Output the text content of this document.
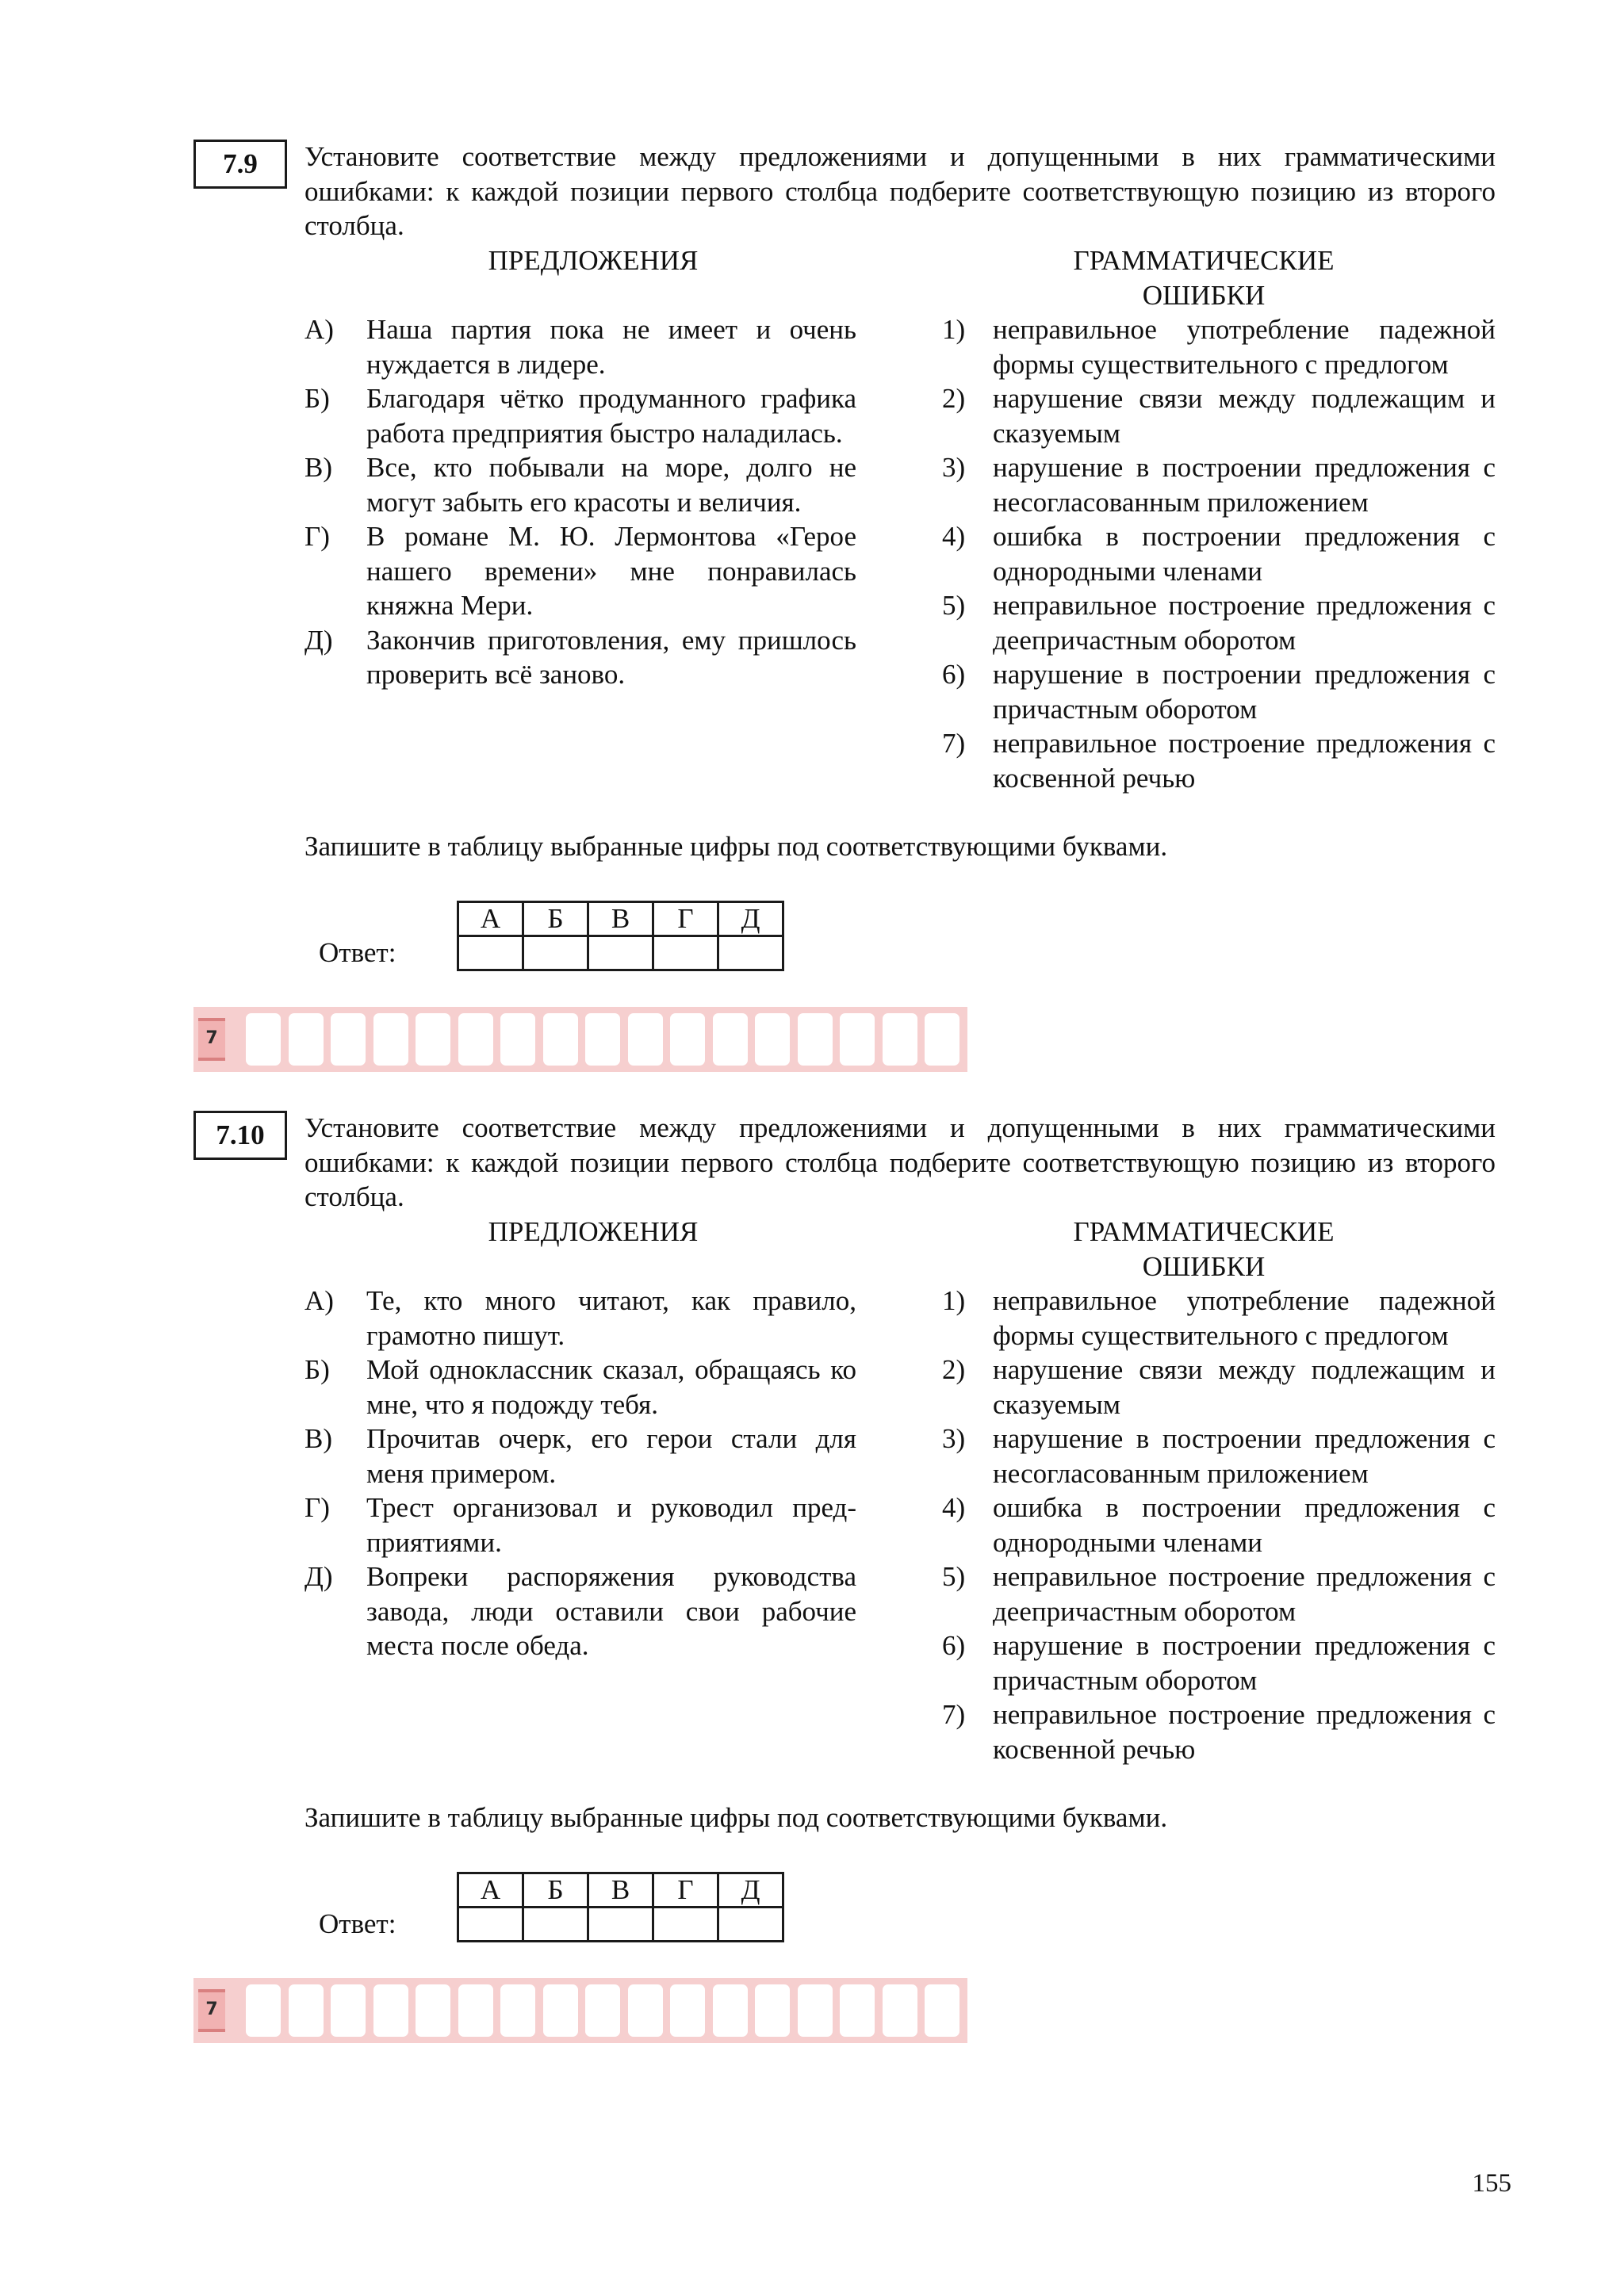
7.9	Установите соответствие между предложениями и допущенными в них грамматическими ошибками: к каждой позиции первого столбца подберите соответствующую позицию из второго столбца.
ПРЕДЛОЖЕНИЯ	ГРАММАТИЧЕСКИЕ ОШИБКИ
А) Наша партия пока не имеет и очень нуждается в лидере.
Б) Благодаря чётко продуманного графика работа предприятия быстро наладилась.
В) Все, кто побывали на море, долго не могут забыть его красоты и величия.
Г) В романе М. Ю. Лермонтова «Герое нашего времени» мне понравилась княжна Мери.
Д) Закончив приготовления, ему пришлось проверить всё заново.
1) неправильное употребление падежной формы существительного с предлогом
2) нарушение связи между подлежащим и сказуемым
3) нарушение в построении предложения с несогласованным приложением
4) ошибка в построении предложения с однородными членами
5) неправильное построение предложения с деепричастным оборотом
6) нарушение в построении предложения с причастным оборотом
7) неправильное построение предложения с косвенной речью
Запишите в таблицу выбранные цифры под соответствующими буквами.
Ответ:
А	Б	В	Г	Д

7
7.10	Установите соответствие между предложениями и допущенными в них грамматическими ошибками: к каждой позиции первого столбца подберите соответствующую позицию из второго столбца.
ПРЕДЛОЖЕНИЯ	ГРАММАТИЧЕСКИЕ ОШИБКИ
А) Те, кто много читают, как правило, грамотно пишут.
Б) Мой одноклассник сказал, обращаясь ко мне, что я подожду тебя.
В) Прочитав очерк, его герои стали для меня примером.
Г) Трест организовал и руководил предприятиями.
Д) Вопреки распоряжения руководства завода, люди оставили свои рабочие места после обеда.
1) неправильное употребление падежной формы существительного с предлогом
2) нарушение связи между подлежащим и сказуемым
3) нарушение в построении предложения с несогласованным приложением
4) ошибка в построении предложения с однородными членами
5) неправильное построение предложения с деепричастным оборотом
6) нарушение в построении предложения с причастным оборотом
7) неправильное построение предложения с косвенной речью
Запишите в таблицу выбранные цифры под соответствующими буквами.
Ответ:
А	Б	В	Г	Д

7
155
